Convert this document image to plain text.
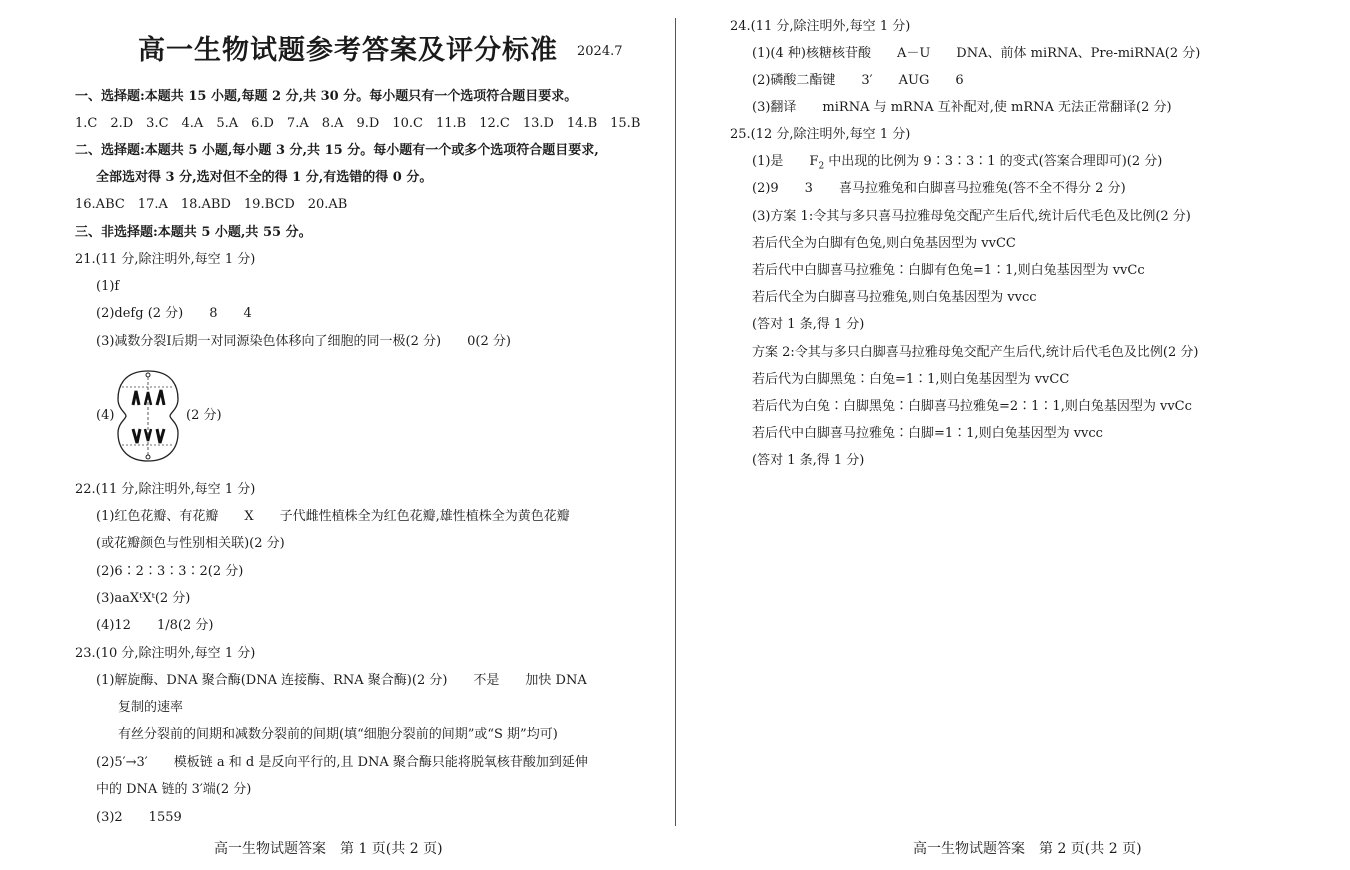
高一生物试题参考答案及评分标准 2024.7
一、选择题:本题共 15 小题,每题 2 分,共 30 分。每小题只有一个选项符合题目要求。
1.C　2.D　3.C　4.A　5.A　6.D　7.A　8.A　9.D　10.C　11.B　12.C　13.D　14.B　15.B
二、选择题:本题共 5 小题,每小题 3 分,共 15 分。每小题有一个或多个选项符合题目要求,
全部选对得 3 分,选对但不全的得 1 分,有选错的得 0 分。
16.ABC　17.A　18.ABD　19.BCD　20.AB
三、非选择题:本题共 5 小题,共 55 分。
21.(11 分,除注明外,每空 1 分)
(1)f
(2)defg (2 分)　　8　　4
(3)减数分裂Ⅰ后期一对同源染色体移向了细胞的同一极(2 分)　　0(2 分)
(4)	(2 分)
22.(11 分,除注明外,每空 1 分)
(1)红色花瓣、有花瓣　　X　　子代雌性植株全为红色花瓣,雄性植株全为黄色花瓣
(或花瓣颜色与性别相关联)(2 分)
(2)6∶2∶3∶3∶2(2 分)
(3)aaXᵗXᵗ(2 分)
(4)12　　1/8(2 分)
23.(10 分,除注明外,每空 1 分)
(1)解旋酶、DNA 聚合酶(DNA 连接酶、RNA 聚合酶)(2 分)　　不是　　加快 DNA
复制的速率
有丝分裂前的间期和减数分裂前的间期(填“细胞分裂前的间期”或“S 期”均可)
(2)5′→3′　　模板链 a 和 d 是反向平行的,且 DNA 聚合酶只能将脱氧核苷酸加到延伸
中的 DNA 链的 3′端(2 分)
(3)2　　1559
高一生物试题答案　第 1 页(共 2 页)
24.(11 分,除注明外,每空 1 分)
(1)(4 种)核糖核苷酸　　A－U　　DNA、前体 miRNA、Pre-miRNA(2 分)
(2)磷酸二酯键　　3′　　AUG　　6
(3)翻译　　miRNA 与 mRNA 互补配对,使 mRNA 无法正常翻译(2 分)
25.(12 分,除注明外,每空 1 分)
(1)是　　$F_2$ 中出现的比例为 9∶3∶3∶1 的变式(答案合理即可)(2 分)
(2)9　　3　　喜马拉雅兔和白脚喜马拉雅兔(答不全不得分 2 分)
(3)方案 1:令其与多只喜马拉雅母兔交配产生后代,统计后代毛色及比例(2 分)
若后代全为白脚有色兔,则白兔基因型为 vvCC
若后代中白脚喜马拉雅兔∶白脚有色兔=1∶1,则白兔基因型为 vvCc
若后代全为白脚喜马拉雅兔,则白兔基因型为 vvcc
(答对 1 条,得 1 分)
方案 2:令其与多只白脚喜马拉雅母兔交配产生后代,统计后代毛色及比例(2 分)
若后代为白脚黑兔∶白兔=1∶1,则白兔基因型为 vvCC
若后代为白兔∶白脚黑兔∶白脚喜马拉雅兔=2∶1∶1,则白兔基因型为 vvCc
若后代中白脚喜马拉雅兔∶白脚=1∶1,则白兔基因型为 vvcc
(答对 1 条,得 1 分)
高一生物试题答案　第 2 页(共 2 页)
